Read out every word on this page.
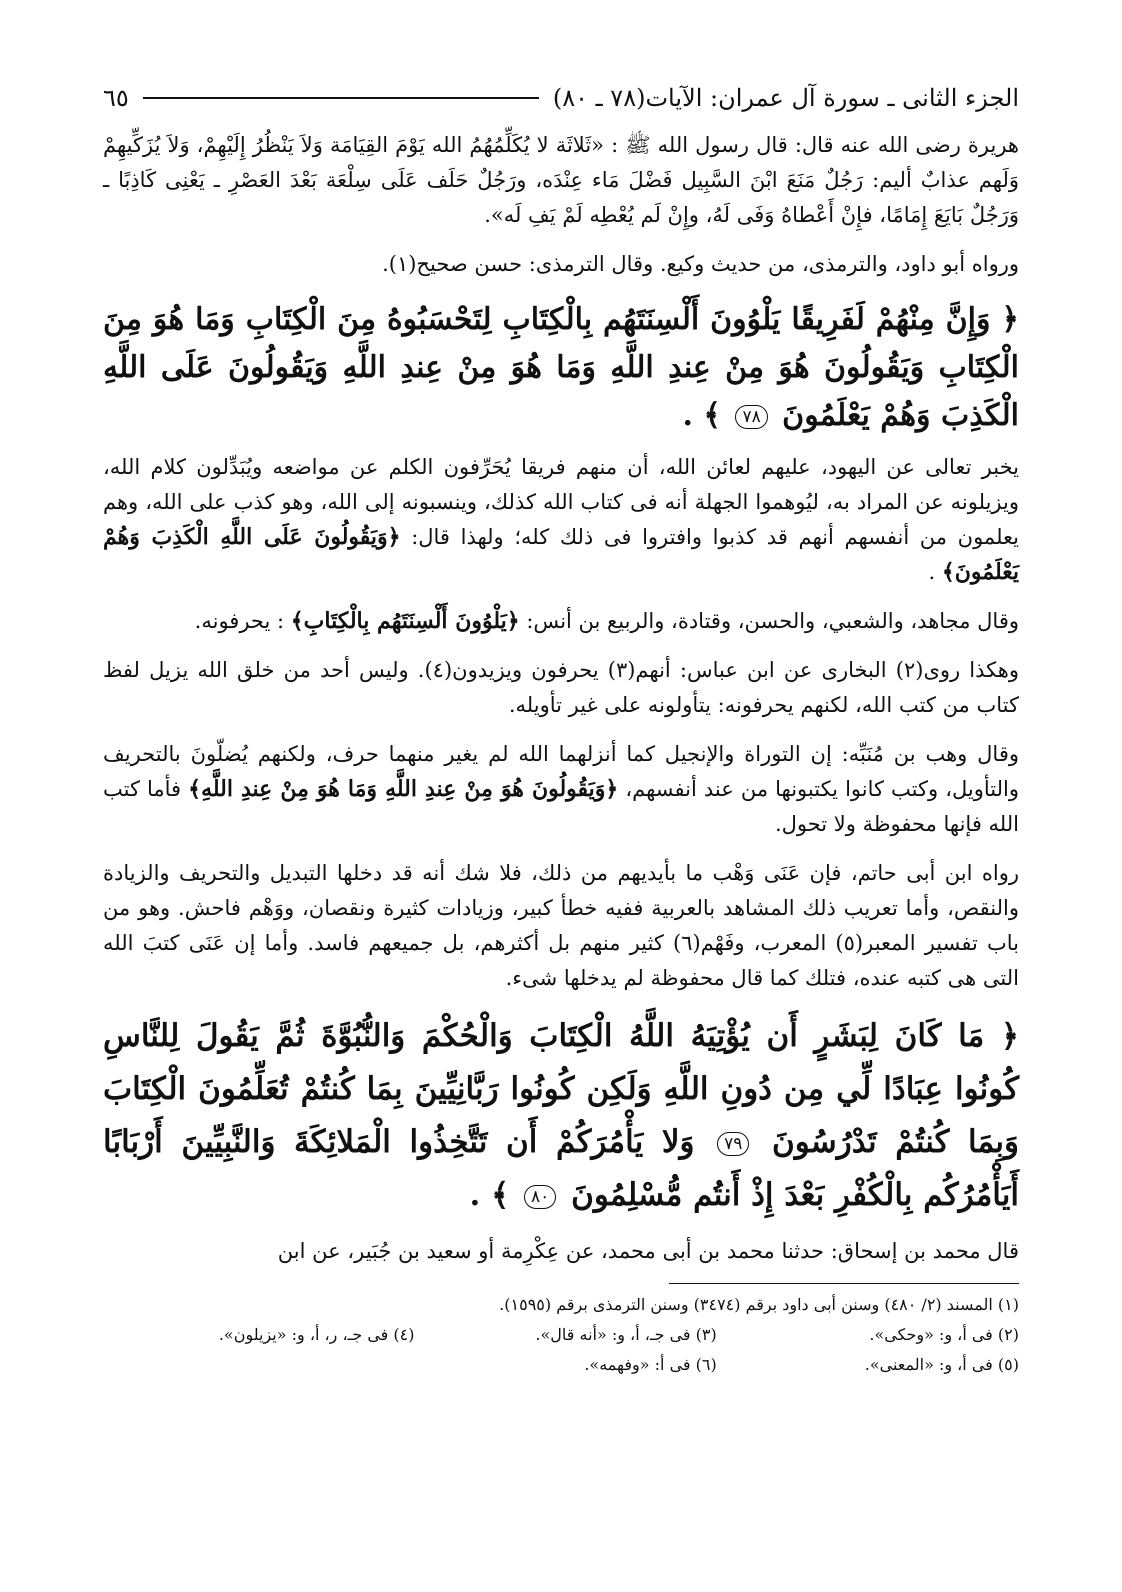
الجزء الثانى ـ سورة آل عمران: الآيات(٧٨ ـ ٨٠)
٦٥

هريرة رضى الله عنه قال: قال رسول الله ﷺ : «ثَلاثَة لا يُكَلِّمُهُمُ الله يَوْمَ القِيَامَة وَلاَ يَنْظُرُ إِلَيْهِمْ، وَلاَ يُزَكِّيهِمْ وَلَهم عذابٌ أليم: رَجُلٌ مَنَعَ ابْنَ السَّبِيل فَضْلَ مَاء عِنْدَه، ورَجُلٌ حَلَف عَلَى سِلْعَة بَعْدَ العَصْرِ ـ يَعْنِى كَاذِبًا ـ وَرَجُلٌ بَايَعَ إِمَامًا، فإِنْ أَعْطاهُ وَفَى لَهُ، وإِنْ لَم يُعْطِه لَمْ يَفِ لَه».

ورواه أبو داود، والترمذى، من حديث وكيع. وقال الترمذى: حسن صحيح(١).

﴿ وَإِنَّ مِنْهُمْ لَفَرِيقًا يَلْوُونَ أَلْسِنَتَهُم بِالْكِتَابِ لِتَحْسَبُوهُ مِنَ الْكِتَابِ وَمَا هُوَ مِنَ الْكِتَابِ وَيَقُولُونَ هُوَ مِنْ عِندِ اللَّهِ وَمَا هُوَ مِنْ عِندِ اللَّهِ وَيَقُولُونَ عَلَى اللَّهِ الْكَذِبَ وَهُمْ يَعْلَمُونَ ٧٨ ﴾ .

يخبر تعالى عن اليهود، عليهم لعائن الله، أن منهم فريقا يُحَرِّفون الكلم عن مواضعه ويُبَدِّلون كلام الله، ويزيلونه عن المراد به، ليُوهموا الجهلة أنه فى كتاب الله كذلك، وينسبونه إلى الله، وهو كذب على الله، وهم يعلمون من أنفسهم أنهم قد كذبوا وافتروا فى ذلك كله؛ ولهذا قال: ﴿وَيَقُولُونَ عَلَى اللَّهِ الْكَذِبَ وَهُمْ يَعْلَمُونَ﴾ .

وقال مجاهد، والشعبي، والحسن، وقتادة، والربيع بن أنس: ﴿يَلْوُونَ أَلْسِنَتَهُم بِالْكِتَابِ﴾ : يحرفونه.

وهكذا روى(٢) البخارى عن ابن عباس: أنهم(٣) يحرفون ويزيدون(٤). وليس أحد من خلق الله يزيل لفظ كتاب من كتب الله، لكنهم يحرفونه: يتأولونه على غير تأويله.

وقال وهب بن مُنَبِّه: إن التوراة والإنجيل كما أنزلهما الله لم يغير منهما حرف، ولكنهم يُضلّونَ بالتحريف والتأويل، وكتب كانوا يكتبونها من عند أنفسهم، ﴿وَيَقُولُونَ هُوَ مِنْ عِندِ اللَّهِ وَمَا هُوَ مِنْ عِندِ اللَّهِ﴾ فأما كتب الله فإنها محفوظة ولا تحول.

رواه ابن أبى حاتم، فإن عَنَى وَهْب ما بأيديهم من ذلك، فلا شك أنه قد دخلها التبديل والتحريف والزيادة والنقص، وأما تعريب ذلك المشاهد بالعربية ففيه خطأ كبير، وزيادات كثيرة ونقصان، ووَهْم فاحش. وهو من باب تفسير المعبر(٥) المعرب، وفَهْم(٦) كثير منهم بل أكثرهم، بل جميعهم فاسد. وأما إن عَنَى كتبَ الله التى هى كتبه عنده، فتلك كما قال محفوظة لم يدخلها شىء.

﴿ مَا كَانَ لِبَشَرٍ أَن يُؤْتِيَهُ اللَّهُ الْكِتَابَ وَالْحُكْمَ وَالنُّبُوَّةَ ثُمَّ يَقُولَ لِلنَّاسِ كُونُوا عِبَادًا لِّي مِن دُونِ اللَّهِ وَلَكِن كُونُوا رَبَّانِيِّينَ بِمَا كُنتُمْ تُعَلِّمُونَ الْكِتَابَ وَبِمَا كُنتُمْ تَدْرُسُونَ ٧٩ وَلا يَأْمُرَكُمْ أَن تَتَّخِذُوا الْمَلائِكَةَ وَالنَّبِيِّينَ أَرْبَابًا أَيَأْمُرُكُم بِالْكُفْرِ بَعْدَ إِذْ أَنتُم مُّسْلِمُونَ ٨٠ ﴾ .

قال محمد بن إسحاق: حدثنا محمد بن أبى محمد، عن عِكْرِمة أو سعيد بن جُبَير، عن ابن

(١) المسند (٢/ ٤٨٠) وسنن أبى داود برقم (٣٤٧٤) وسنن الترمذى برقم (١٥٩٥).
(٢) فى أ، و: «وحكى».
(٣) فى جـ، أ، و: «أنه قال».
(٤) فى جـ، ر، أ، و: «يزيلون».
(٥) فى أ، و: «المعنى».
(٦) فى أ: «وفهمه».
